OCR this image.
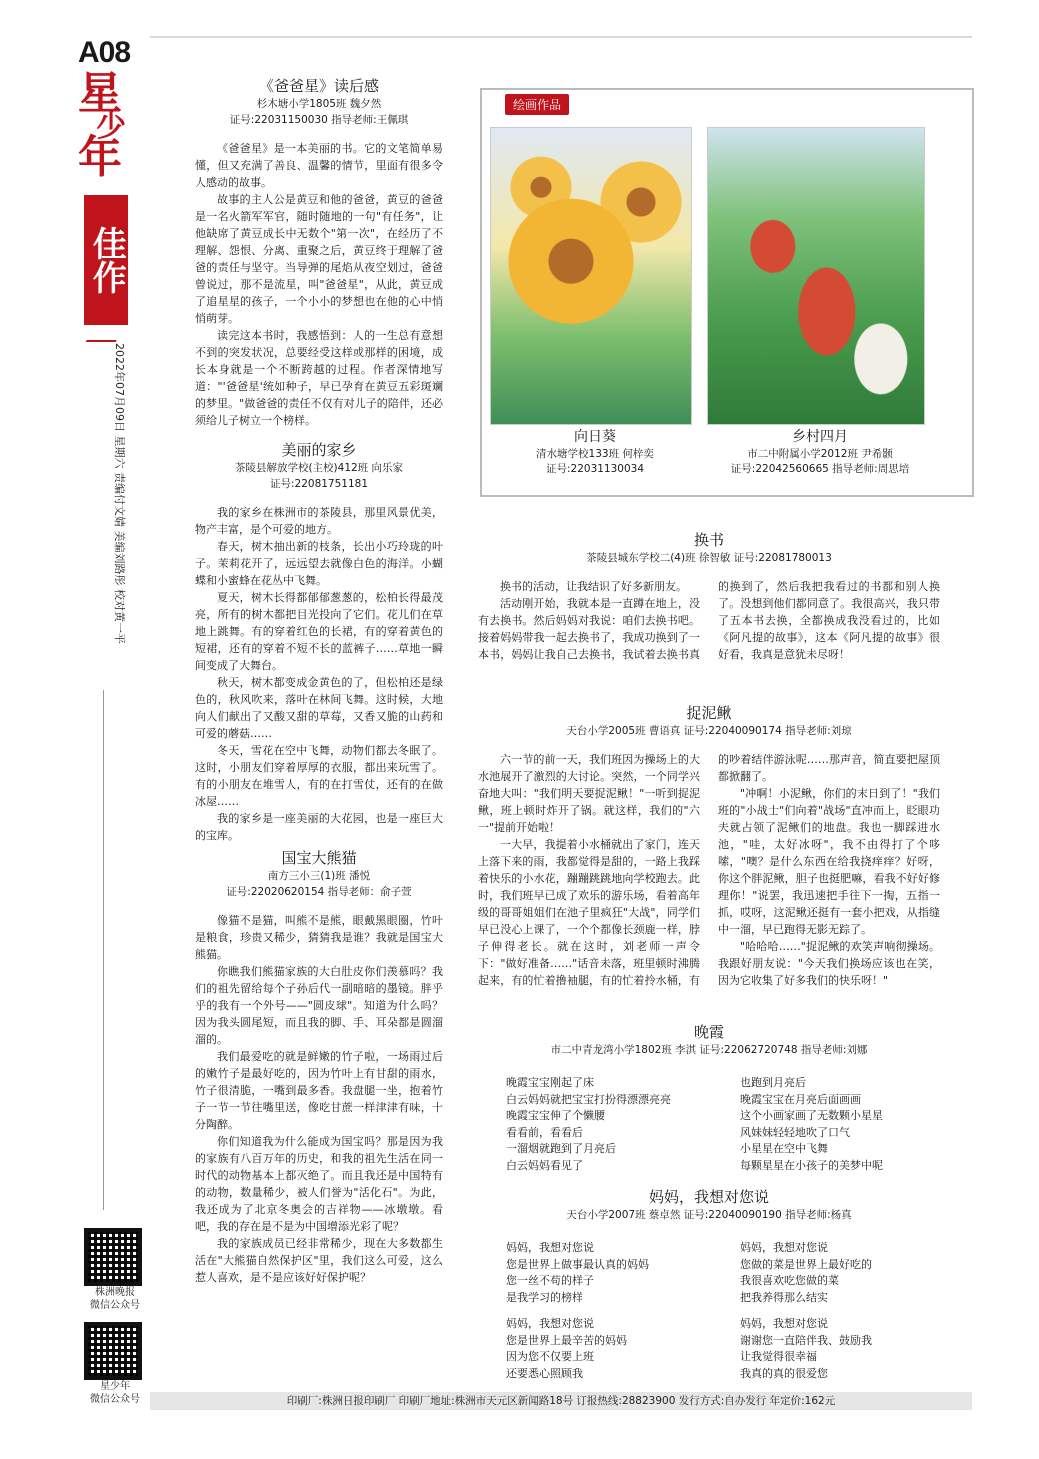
A08
星
少
年
佳作
2022年07月09日 星期六 责编付文婧 美编刘路彤 校对黄一平
株洲晚报
微信公众号
星少年
微信公众号
《爸爸星》读后感
杉木塘小学1805班 魏夕然
证号:22031150030 指导老师:王佩琪

《爸爸星》是一本美丽的书。它的文笔简单易懂，但又充满了善良、温馨的情节，里面有很多令人感动的故事。

故事的主人公是黄豆和他的爸爸，黄豆的爸爸是一名火箭军军官，随时随地的一句"有任务"，让他缺席了黄豆成长中无数个"第一次"，在经历了不理解、怨恨、分离、重聚之后，黄豆终于理解了爸爸的责任与坚守。当导弹的尾焰从夜空划过，爸爸曾说过，那不是流星，叫"爸爸星"，从此，黄豆成了追星星的孩子，一个小小的梦想也在他的心中悄悄萌芽。

读完这本书时，我感悟到：人的一生总有意想不到的突发状况，总要经受这样或那样的困境，成长本身就是一个不断跨越的过程。作者深情地写道："'爸爸星'统如种子，早已孕育在黄豆五彩斑斓的梦里。"做爸爸的责任不仅有对儿子的陪伴，还必须给儿子树立一个榜样。

美丽的家乡
茶陵县解放学校(主校)412班 向乐家
证号:22081751181

我的家乡在株洲市的茶陵县，那里风景优美，物产丰富，是个可爱的地方。

春天，树木抽出新的枝条，长出小巧玲珑的叶子。茉莉花开了，远远望去就像白色的海洋。小蝴蝶和小蜜蜂在花丛中飞舞。

夏天，树木长得都郁郁葱葱的，松柏长得最茂亮，所有的树木都把目光投向了它们。花儿们在草地上跳舞。有的穿着红色的长裙，有的穿着黄色的短裙，还有的穿着不短不长的蓝裤子……草地一瞬间变成了大舞台。

秋天，树木都变成金黄色的了，但松柏还是绿色的，秋风吹来，落叶在林间飞舞。这时候，大地向人们献出了又酸又甜的草莓，又香又脆的山药和可爱的蘑菇……

冬天，雪花在空中飞舞，动物们都去冬眠了。这时，小朋友们穿着厚厚的衣服，都出来玩雪了。有的小朋友在堆雪人，有的在打雪仗，还有的在做冰屋……

我的家乡是一座美丽的大花园，也是一座巨大的宝库。

国宝大熊猫
南方三小三(1)班 潘悦
证号:22020620154 指导老师：俞子萱

像猫不是猫，叫熊不是熊，眼戴黑眼圈，竹叶是粮食，珍贵又稀少，猜猜我是谁？我就是国宝大熊猫。

你瞧我们熊猫家族的大白肚皮你们羡慕吗？我们的祖先留给每个子孙后代一副暗暗的墨镜。胖乎乎的我有一个外号——"圆皮球"。知道为什么吗？因为我头圆尾短，而且我的脚、手、耳朵都是圆溜溜的。

我们最爱吃的就是鲜嫩的竹子啦，一场雨过后的嫩竹子是最好吃的，因为竹叶上有甘甜的雨水，竹子很清脆，一嘴到最多香。我盘腿一坐，抱着竹子一节一节往嘴里送，像吃甘蔗一样津津有味，十分陶醉。

你们知道我为什么能成为国宝吗？那是因为我的家族有八百万年的历史，和我的祖先生活在同一时代的动物基本上都灭绝了。而且我还是中国特有的动物，数量稀少，被人们誉为"活化石"。为此，我还成为了北京冬奥会的吉祥物——冰墩墩。看吧，我的存在是不是为中国增添光彩了呢？

我的家族成员已经非常稀少，现在大多数都生活在"大熊猫自然保护区"里，我们这么可爱，这么惹人喜欢，是不是应该好好保护呢？

绘画作品
向日葵
清水塘学校133班 何梓奕
证号:22031130034
乡村四月
市二中附属小学2012班 尹希颢
证号:22042560665 指导老师:周思培
换书
茶陵县城东学校二(4)班 徐智敏 证号:22081780013

换书的活动，让我结识了好多新朋友。

活动刚开始，我就本是一直蹲在地上，没有去换书。然后妈妈对我说：咱们去换书吧。接着妈妈带我一起去换书了，我成功换到了一本书，妈妈让我自己去换书，我试着去换书真的换到了，然后我把我看过的书都和别人换了。没想到他们都同意了。我很高兴，我只带了五本书去换，全都换成我没看过的，比如《阿凡提的故事》，这本《阿凡提的故事》很好看，我真是意犹未尽呀！

捉泥鳅
天台小学2005班 曹语真 证号:22040090174 指导老师:刘琼

六一节的前一天，我们班因为操场上的大水池展开了激烈的大讨论。突然，一个同学兴奋地大叫："我们明天要捉泥鳅！"一听到捉泥鳅，班上顿时炸开了锅。就这样，我们的"六一"提前开始啦！

一大早，我提着小水桶就出了家门，连天上落下来的雨，我都觉得是甜的，一路上我踩着快乐的小水花，蹦蹦跳跳地向学校跑去。此时，我们班早已成了欢乐的游乐场，看着高年级的哥哥姐姐们在池子里疯狂"大战"，同学们早已没心上课了，一个个都像长颈鹿一样，脖子伸得老长。就在这时，刘老师一声令下："做好准备……"话音未落，班里顿时沸腾起来，有的忙着撸袖腿，有的忙着拎水桶，有的吵着结伴游泳呢……那声音，简直要把屋顶都掀翻了。

"冲啊！小泥鳅，你们的末日到了！"我们班的"小战士"们向着"战场"直冲而上，眨眼功夫就占领了泥鳅们的地盘。我也一脚踩进水池，"哇，太好冰呀"，我不由得打了个哆嗦，"噢？是什么东西在给我挠痒痒？好呀，你这个胖泥鳅，胆子也挺肥嘛，看我不好好修理你！"说罢，我迅速把手往下一掏，五指一抓，哎呀，这泥鳅还挺有一套小把戏，从指缝中一溜，早已跑得无影无踪了。

"哈哈哈……"捉泥鳅的欢笑声响彻操场。我跟好朋友说："今天我们换场应该也在笑，因为它收集了好多我们的快乐呀！"

晚霞
市二中青龙湾小学1802班 李淇 证号:22062720748 指导老师:刘娜
晚霞宝宝刚起了床
白云妈妈就把宝宝打扮得漂漂亮亮
晚霞宝宝伸了个懒腰
看看前，看看后
一溜烟就跑到了月亮后
白云妈妈看见了
也跑到月亮后
晚霞宝宝在月亮后面画画
这个小画家画了无数颗小星星
风妹妹轻轻地吹了口气
小星星在空中飞舞
每颗星星在小孩子的美梦中呢
妈妈，我想对您说
天台小学2007班 蔡卓然 证号:22040090190 指导老师:杨真
妈妈，我想对您说
您是世界上做事最认真的妈妈
您一丝不苟的样子
是我学习的榜样
妈妈，我想对您说
您是世界上最辛苦的妈妈
因为您不仅要上班
还要悉心照顾我
妈妈，我想对您说
您做的菜是世界上最好吃的
我很喜欢吃您做的菜
把我养得那么结实
妈妈，我想对您说
谢谢您一直陪伴我、鼓励我
让我觉得很幸福
我真的真的很爱您
印刷厂:株洲日报印刷厂 印刷厂地址:株洲市天元区新闻路18号 订报热线:28823900 发行方式:自办发行 年定价:162元
